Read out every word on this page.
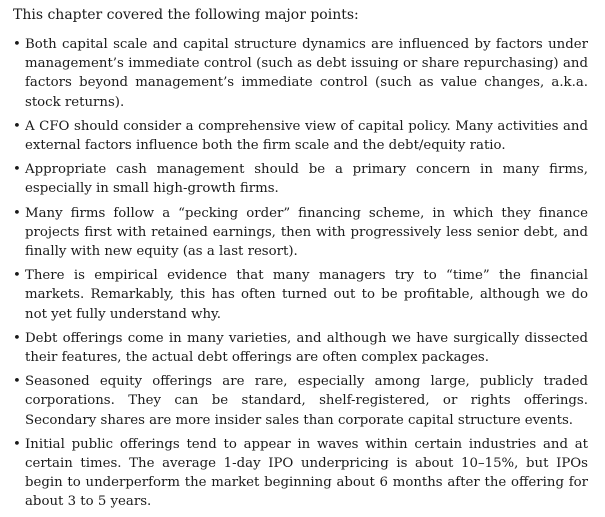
This chapter covered the following major points:

• Both capital scale and capital structure dynamics are influenced by factors under management’s immediate control (such as debt issuing or share repurchasing) and factors beyond management’s immediate control (such as value changes, a.k.a. stock returns).
• A CFO should consider a comprehensive view of capital policy. Many activities and external factors influence both the firm scale and the debt/equity ratio.
• Appropriate cash management should be a primary concern in many firms, especially in small high-growth firms.
• Many firms follow a “pecking order” financing scheme, in which they finance projects first with retained earnings, then with progressively less senior debt, and finally with new equity (as a last resort).
• There is empirical evidence that many managers try to “time” the financial markets. Remarkably, this has often turned out to be profitable, although we do not yet fully understand why.
• Debt offerings come in many varieties, and although we have surgically dissected their features, the actual debt offerings are often complex packages.
• Seasoned equity offerings are rare, especially among large, publicly traded corporations. They can be standard, shelf-registered, or rights offerings. Secondary shares are more insider sales than corporate capital structure events.
• Initial public offerings tend to appear in waves within certain industries and at certain times. The average 1-day IPO underpricing is about 10–15%, but IPOs begin to underperform the market beginning about 6 months after the offering for about 3 to 5 years.
